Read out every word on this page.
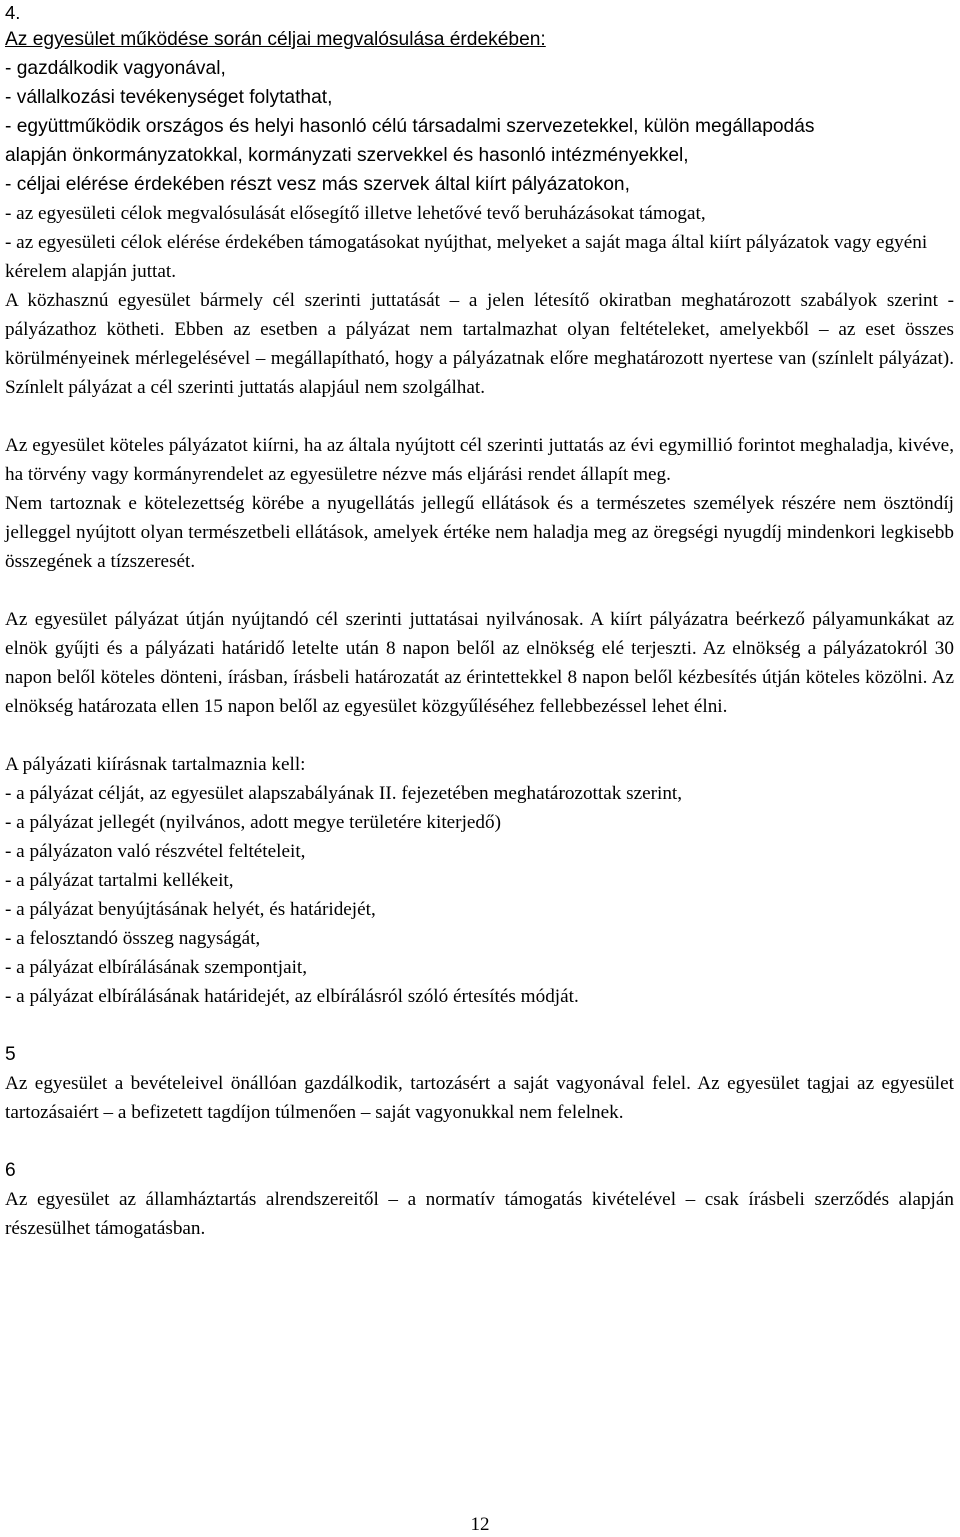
4.

Az egyesület működése során céljai megvalósulása érdekében:

- gazdálkodik vagyonával,

- vállalkozási tevékenységet folytathat,

- együttműködik országos és helyi hasonló célú társadalmi szervezetekkel, külön megállapodás alapján önkormányzatokkal, kormányzati szervekkel és hasonló intézményekkel,

- céljai elérése érdekében részt vesz más szervek által kiírt pályázatokon,

- az egyesületi célok megvalósulását elősegítő illetve lehetővé tevő beruházásokat támogat,

- az egyesületi célok elérése érdekében támogatásokat nyújthat, melyeket a saját maga által kiírt pályázatok vagy egyéni kérelem alapján juttat.

A közhasznú egyesület bármely cél szerinti juttatását – a jelen létesítő okiratban meghatározott szabályok szerint - pályázathoz kötheti. Ebben az esetben a pályázat nem tartalmazhat olyan feltételeket, amelyekből – az eset összes körülményeinek mérlegelésével – megállapítható, hogy a pályázatnak előre meghatározott nyertese van (színlelt pályázat). Színlelt pályázat a cél szerinti juttatás alapjául nem szolgálhat.

Az egyesület köteles pályázatot kiírni, ha az általa nyújtott cél szerinti juttatás az évi egymillió forintot meghaladja, kivéve, ha törvény vagy kormányrendelet az egyesületre nézve más eljárási rendet állapít meg.

Nem tartoznak e kötelezettség körébe a nyugellátás jellegű ellátások és a természetes személyek részére nem ösztöndíj jelleggel nyújtott olyan természetbeli ellátások, amelyek értéke nem haladja meg az öregségi nyugdíj mindenkori legkisebb összegének a tízszeresét.

Az egyesület pályázat útján nyújtandó cél szerinti juttatásai nyilvánosak. A kiírt pályázatra beérkező pályamunkákat az elnök gyűjti és a pályázati határidő letelte után 8 napon belől az elnökség elé terjeszti. Az elnökség a pályázatokról 30 napon belől köteles dönteni, írásban, írásbeli határozatát az érintettekkel 8 napon belől kézbesítés útján köteles közölni. Az elnökség határozata ellen 15 napon belől az egyesület közgyűléséhez fellebbezéssel lehet élni.

A pályázati kiírásnak tartalmaznia kell:

- a pályázat célját, az egyesület alapszabályának II. fejezetében meghatározottak szerint,

- a pályázat jellegét (nyilvános, adott megye területére kiterjedő)

- a pályázaton való részvétel feltételeit,

- a pályázat tartalmi kellékeit,

- a pályázat benyújtásának helyét, és határidejét,

- a felosztandó összeg nagyságát,

- a pályázat elbírálásának szempontjait,

- a pályázat elbírálásának határidejét, az elbírálásról szóló értesítés módját.

5

Az egyesület a bevételeivel önállóan gazdálkodik, tartozásért a saját vagyonával felel. Az egyesület tagjai az egyesület tartozásaiért – a befizetett tagdíjon túlmenően – saját vagyonukkal nem felelnek.

6

Az egyesület az államháztartás alrendszereitől – a normatív támogatás kivételével – csak írásbeli szerződés alapján részesülhet támogatásban.

12
